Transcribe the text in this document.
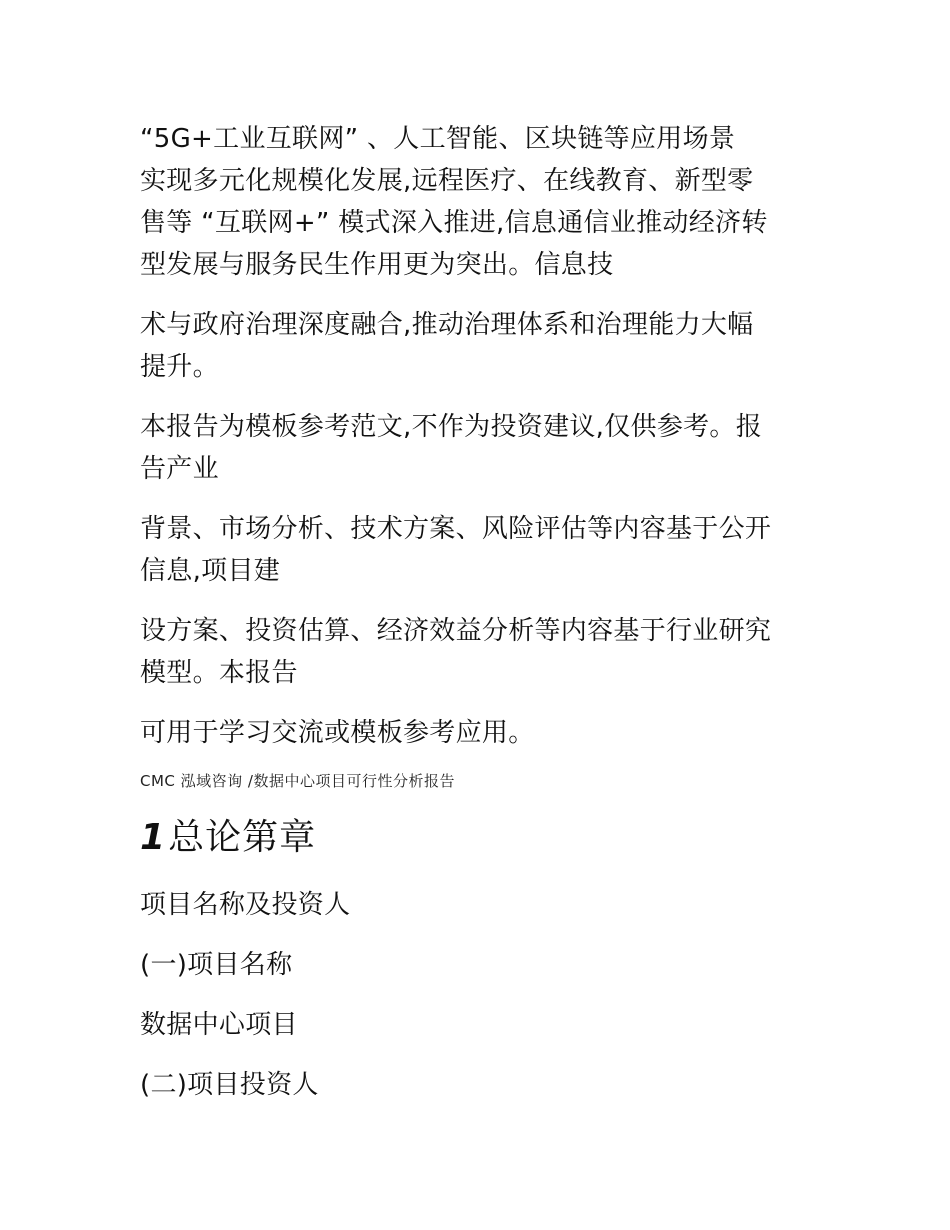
“5G+工业互联网” 、人工智能、区块链等应用场景
实现多元化规模化发展,远程医疗、在线教育、新型零
售等 “互联网+” 模式深入推进,信息通信业推动经济转
型发展与服务民生作用更为突出。信息技
术与政府治理深度融合,推动治理体系和治理能力大幅
提升。
本报告为模板参考范文,不作为投资建议,仅供参考。报
告产业
背景、市场分析、技术方案、风险评估等内容基于公开
信息,项目建
设方案、投资估算、经济效益分析等内容基于行业研究
模型。本报告
可用于学习交流或模板参考应用。
CMC 泓域咨询 /数据中心项目可行性分析报告
1总论第章
项目名称及投资人
(一)项目名称
数据中心项目
(二)项目投资人
